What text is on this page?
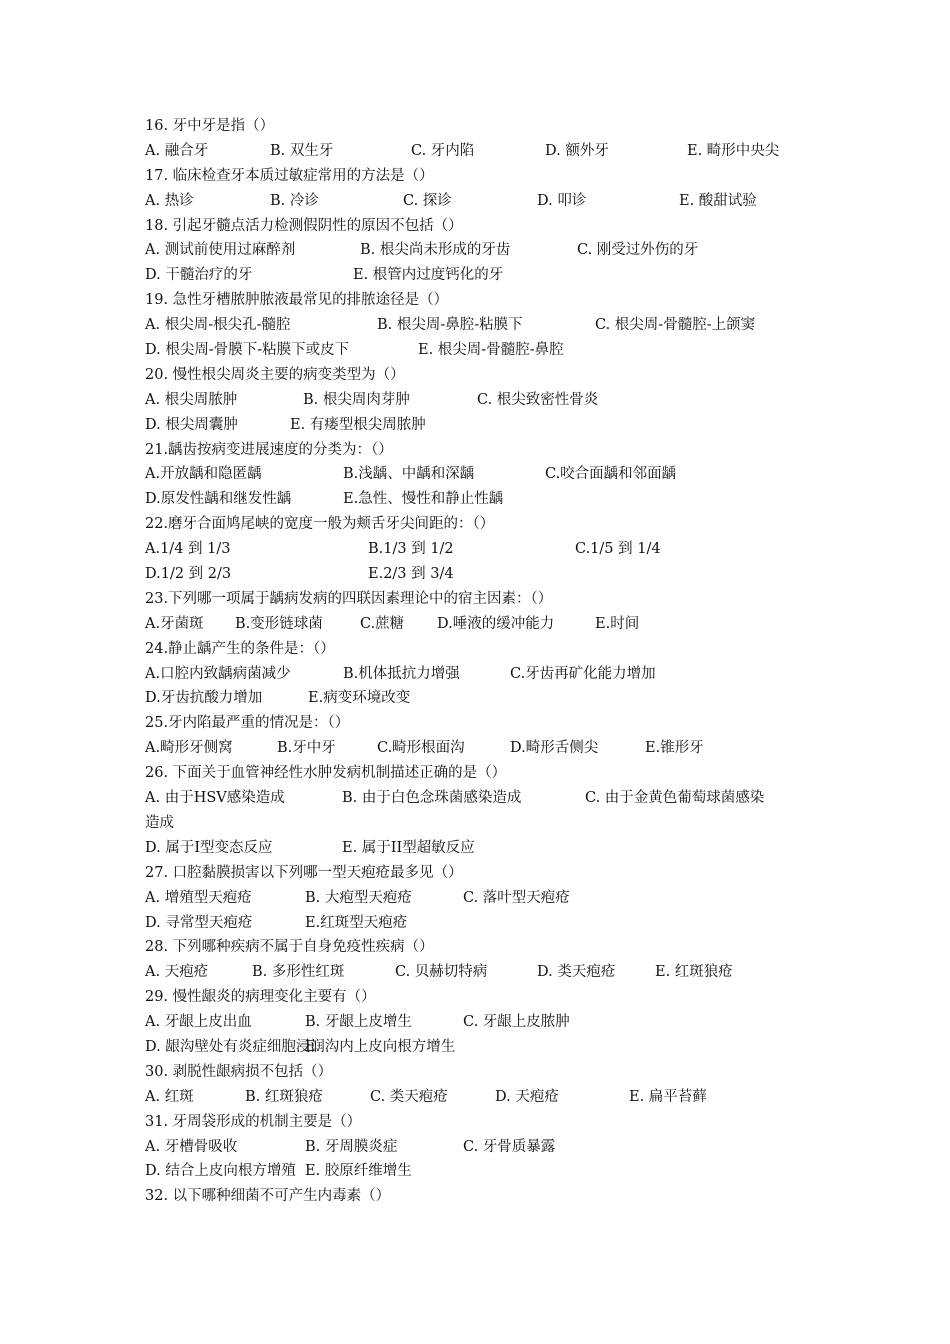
16. 牙中牙是指（）
A. 融合牙	B. 双生牙	C. 牙内陷	D. 额外牙	E. 畸形中央尖
17. 临床检查牙本质过敏症常用的方法是（）
A. 热诊	B. 冷诊	C. 探诊	D. 叩诊	E. 酸甜试验
18. 引起牙髓点活力检测假阴性的原因不包括（）
A. 测试前使用过麻醉剂	B. 根尖尚未形成的牙齿	C. 刚受过外伤的牙
D. 干髓治疗的牙	E. 根管内过度钙化的牙
19. 急性牙槽脓肿脓液最常见的排脓途径是（）
A. 根尖周-根尖孔-髓腔	B. 根尖周-鼻腔-粘膜下	C. 根尖周-骨髓腔-上颌窦
D. 根尖周-骨膜下-粘膜下或皮下	E. 根尖周-骨髓腔-鼻腔
20. 慢性根尖周炎主要的病变类型为（）
A. 根尖周脓肿	B. 根尖周肉芽肿	C. 根尖致密性骨炎
D. 根尖周囊肿	E. 有瘘型根尖周脓肿
21.龋齿按病变进展速度的分类为：（）
A.开放龋和隐匿龋	B.浅龋、中龋和深龋	C.咬合面龋和邻面龋
D.原发性龋和继发性龋	E.急性、慢性和静止性龋
22.磨牙合面鸠尾峡的宽度一般为颊舌牙尖间距的：（）
A.1/4 到 1/3	B.1/3 到 1/2	C.1/5 到 1/4
D.1/2 到 2/3	E.2/3 到 3/4
23.下列哪一项属于龋病发病的四联因素理论中的宿主因素：（）
A.牙菌斑 B.变形链球菌	C.蔗糖 D.唾液的缓冲能力	E.时间
24.静止龋产生的条件是：（）
A.口腔内致龋病菌减少	B.机体抵抗力增强	C.牙齿再矿化能力增加
D.牙齿抗酸力增加	E.病变环境改变
25.牙内陷最严重的情况是：（）
A.畸形牙侧窝	B.牙中牙	C.畸形根面沟	D.畸形舌侧尖	E.锥形牙
26. 下面关于血管神经性水肿发病机制描述正确的是（）
A. 由于HSV感染造成	B. 由于白色念珠菌感染造成	C. 由于金黄色葡萄球菌感染
造成
D. 属于I型变态反应	E. 属于II型超敏反应
27. 口腔黏膜损害以下列哪一型天疱疮最多见（）
A. 增殖型天疱疮	B. 大疱型天疱疮	C. 落叶型天疱疮
D. 寻常型天疱疮	E.红斑型天疱疮
28. 下列哪种疾病不属于自身免疫性疾病（）
A. 天疱疮	B. 多形性红斑	C. 贝赫切特病	D. 类天疱疮	E. 红斑狼疮
29. 慢性龈炎的病理变化主要有（）
A. 牙龈上皮出血	B. 牙龈上皮增生	C. 牙龈上皮脓肿
D. 龈沟壁处有炎症细胞浸润
E. 沟内上皮向根方增生
30. 剥脱性龈病损不包括（）
A. 红斑	B. 红斑狼疮	C. 类天疱疮	D. 天疱疮	E. 扁平苔藓
31. 牙周袋形成的机制主要是（）
A. 牙槽骨吸收	B. 牙周膜炎症	C. 牙骨质暴露
D. 结合上皮向根方增殖 E. 胶原纤维增生
32. 以下哪种细菌不可产生内毒素（）
